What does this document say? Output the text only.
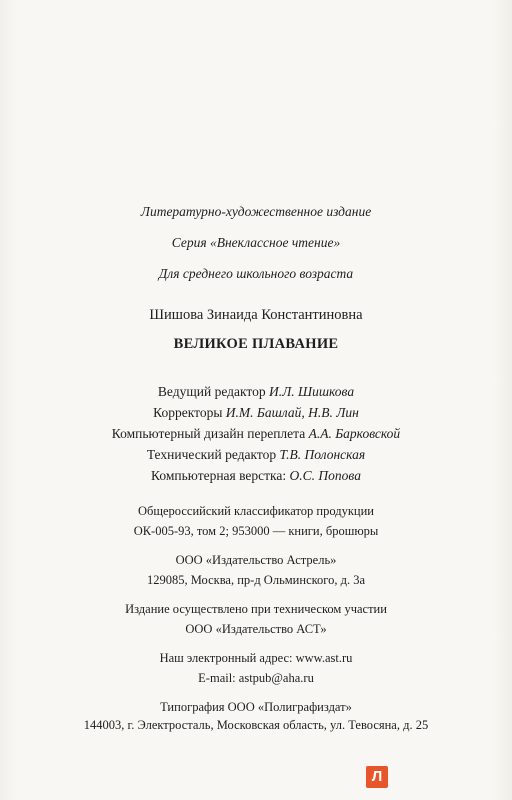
Литературно-художественное издание
Серия «Внеклассное чтение»
Для среднего школьного возраста
Шишова Зинаида Константиновна
ВЕЛИКОЕ ПЛАВАНИЕ
Ведущий редактор И.Л. Шишкова
Корректоры И.М. Башлай, Н.В. Лин
Компьютерный дизайн переплета А.А. Барковской
Технический редактор Т.В. Полонская
Компьютерная верстка: О.С. Попова
Общероссийский классификатор продукции
ОК-005-93, том 2; 953000 — книги, брошюры
ООО «Издательство Астрель»
129085, Москва, пр-д Ольминского, д. 3а
Издание осуществлено при техническом участии
ООО «Издательство АСТ»
Наш электронный адрес: www.ast.ru
E-mail: astpub@aha.ru
Типография ООО «Полиграфиздат»
144003, г. Электросталь, Московская область, ул. Тевосяна, д. 25
Л
